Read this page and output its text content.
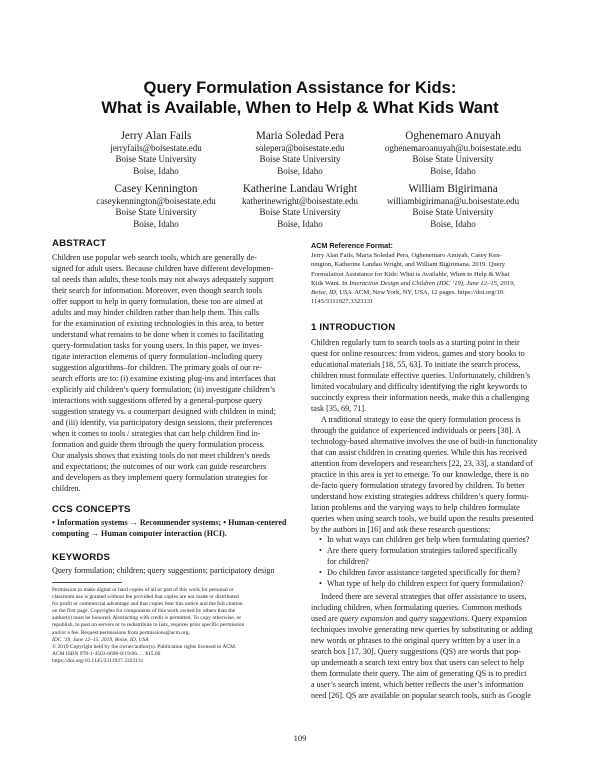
Query Formulation Assistance for Kids:
What is Available, When to Help & What Kids Want
Jerry Alan Fails
jerryfails@boisestate.edu
Boise State University
Boise, Idaho
Maria Soledad Pera
solepera@boisestate.edu
Boise State University
Boise, Idaho
Oghenemaro Anuyah
oghenemaroanuyah@u.boisestate.edu
Boise State University
Boise, Idaho
Casey Kennington
caseykennington@boisestate.edu
Boise State University
Boise, Idaho
Katherine Landau Wright
katherinewright@boisestate.edu
Boise State University
Boise, Idaho
William Bigirimana
williambigirimana@u.boisestate.edu
Boise State University
Boise, Idaho
ABSTRACT
Children use popular web search tools, which are generally de-
signed for adult users. Because children have different developmen-
tal needs than adults, these tools may not always adequately support
their search for information. Moreover, even though search tools
offer support to help in query formulation, these too are aimed at
adults and may hinder children rather than help them. This calls
for the examination of existing technologies in this area, to better
understand what remains to be done when it comes to facilitating
query-formulation tasks for young users. In this paper, we inves-
tigate interaction elements of query formulation–including query
suggestion algorithms–for children. The primary goals of our re-
search efforts are to: (i) examine existing plug-ins and interfaces that
explicitly aid children’s query formulation; (ii) investigate children’s
interactions with suggestions offered by a general-purpose query
suggestion strategy vs. a counterpart designed with children in mind;
and (iii) identify, via participatory design sessions, their preferences
when it comes to tools / strategies that can help children find in-
formation and guide them through the query formulation process.
Our analysis shows that existing tools do not meet children’s needs
and expectations; the outcomes of our work can guide researchers
and developers as they implement query formulation strategies for
children.
CCS CONCEPTS
• Information systems → Recommender systems; • Human-centered
computing → Human computer interaction (HCI).
KEYWORDS
Query formulation; children; query suggestions; participatory design
Permission to make digital or hard copies of all or part of this work for personal or
classroom use is granted without fee provided that copies are not made or distributed
for profit or commercial advantage and that copies bear this notice and the full citation
on the first page. Copyrights for components of this work owned by others than the
author(s) must be honored. Abstracting with credit is permitted. To copy otherwise, or
republish, to post on servers or to redistribute to lists, requires prior specific permission
and/or a fee. Request permissions from permissions@acm.org.
IDC ’19, June 12–15, 2019, Boise, ID, USA
© 2019 Copyright held by the owner/author(s). Publication rights licensed to ACM.
ACM ISBN 978-1-4503-6690-8/19/06. . . $15.00
https://doi.org/10.1145/3311927.3323131
ACM Reference Format:
Jerry Alan Fails, Maria Soledad Pera, Oghenemaro Anuyah, Casey Ken-
nington, Katherine Landau Wright, and William Bigirimana. 2019. Query
Formulation Assistance for Kids: What is Available, When to Help & What
Kids Want. In Interaction Design and Children (IDC ’19), June 12–15, 2019,
Boise, ID, USA. ACM, New York, NY, USA, 12 pages. https://doi.org/10.
1145/3311927.3323131
1 INTRODUCTION
Children regularly turn to search tools as a starting point in their
quest for online resources: from videos, games and story books to
educational materials [18, 55, 63]. To initiate the search process,
children must formulate effective queries. Unfortunately, children’s
limited vocabulary and difficulty identifying the right keywords to
succinctly express their information needs, make this a challenging
task [35, 69, 71].
A traditional strategy to ease the query formulation process is
through the guidance of experienced individuals or peers [38]. A
technology-based alternative involves the use of built-in functionality
that can assist children in creating queries. While this has received
attention from developers and researchers [22, 23, 33], a standard of
practice in this area is yet to emerge. To our knowledge, there is no
de-facto query formulation strategy favored by children. To better
understand how existing strategies address children’s query formu-
lation problems and the varying ways to help children formulate
queries when using search tools, we build upon the results presented
by the authors in [16] and ask these research questions:
• In what ways can children get help when formulating queries?
• Are there query formulation strategies tailored specifically
for children?
• Do children favor assistance targeted specifically for them?
• What type of help do children expect for query formulation?
Indeed there are several strategies that offer assistance to users,
including children, when formulating queries. Common methods
used are query expansion and query suggestions. Query expansion
techniques involve generating new queries by substituting or adding
new words or phrases to the original query written by a user in a
search box [17, 30]. Query suggestions (QS) are words that pop-
up underneath a search text entry box that users can select to help
them formulate their query. The aim of generating QS is to predict
a user’s search intent, which better reflects the user’s information
need [26]. QS are available on popular search tools, such as Google
109
